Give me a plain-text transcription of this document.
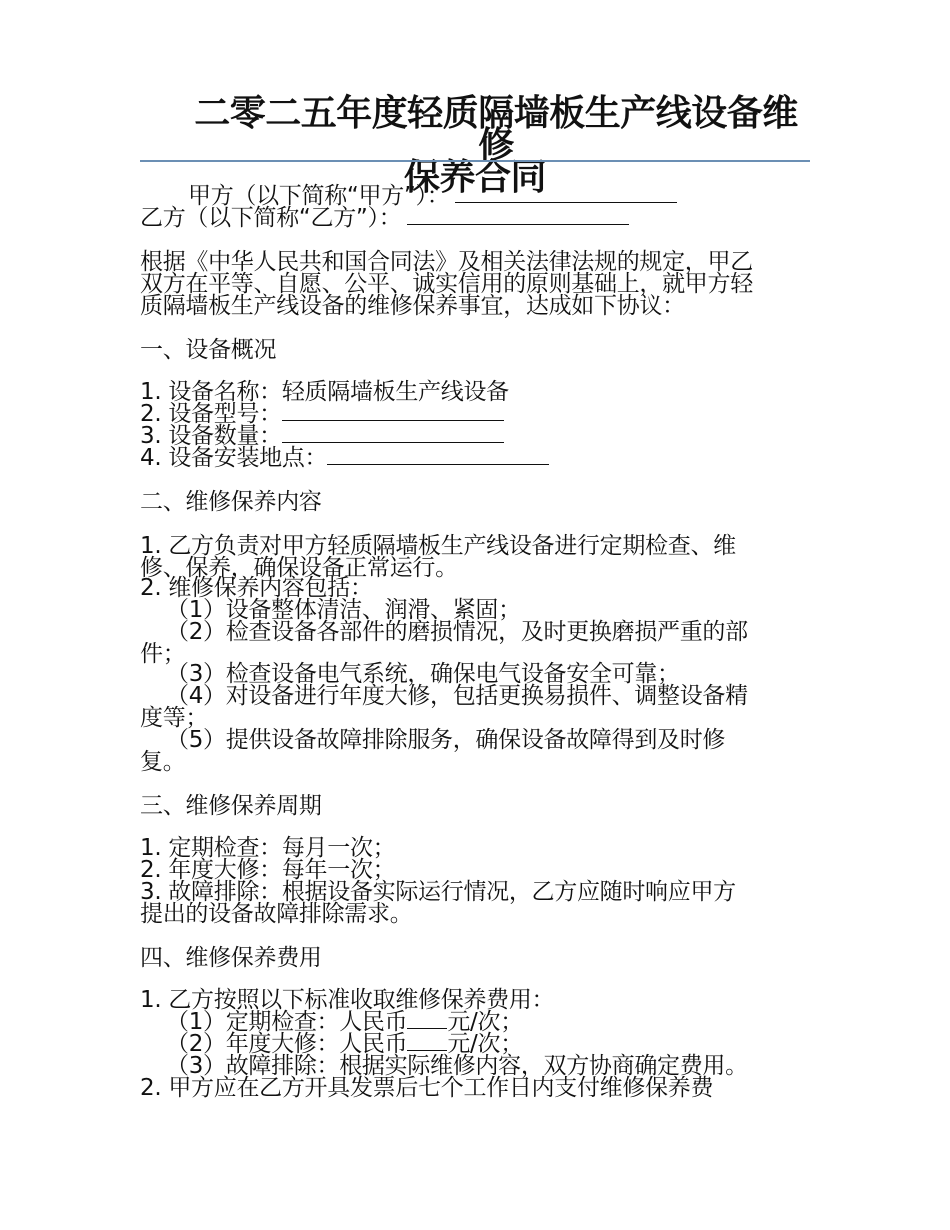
二零二五年度轻质隔墙板生产线设备维修
保养合同
甲方（以下简称“甲方”）：
乙方（以下简称“乙方”）：
根据《中华人民共和国合同法》及相关法律法规的规定，甲乙
双方在平等、自愿、公平、诚实信用的原则基础上，就甲方轻
质隔墙板生产线设备的维修保养事宜，达成如下协议：
一、设备概况
1. 设备名称：轻质隔墙板生产线设备
2. 设备型号：
3. 设备数量：
4. 设备安装地点：
二、维修保养内容
1. 乙方负责对甲方轻质隔墙板生产线设备进行定期检查、维
修、保养，确保设备正常运行。
2. 维修保养内容包括：
（1）设备整体清洁、润滑、紧固；
（2）检查设备各部件的磨损情况，及时更换磨损严重的部
件；
（3）检查设备电气系统，确保电气设备安全可靠；
（4）对设备进行年度大修，包括更换易损件、调整设备精
度等；
（5）提供设备故障排除服务，确保设备故障得到及时修
复。
三、维修保养周期
1. 定期检查：每月一次；
2. 年度大修：每年一次；
3. 故障排除：根据设备实际运行情况，乙方应随时响应甲方
提出的设备故障排除需求。
四、维修保养费用
1. 乙方按照以下标准收取维修保养费用：
（1）定期检查：人民币 元/次；
（2）年度大修：人民币 元/次；
（3）故障排除：根据实际维修内容，双方协商确定费用。
2. 甲方应在乙方开具发票后七个工作日内支付维修保养费
